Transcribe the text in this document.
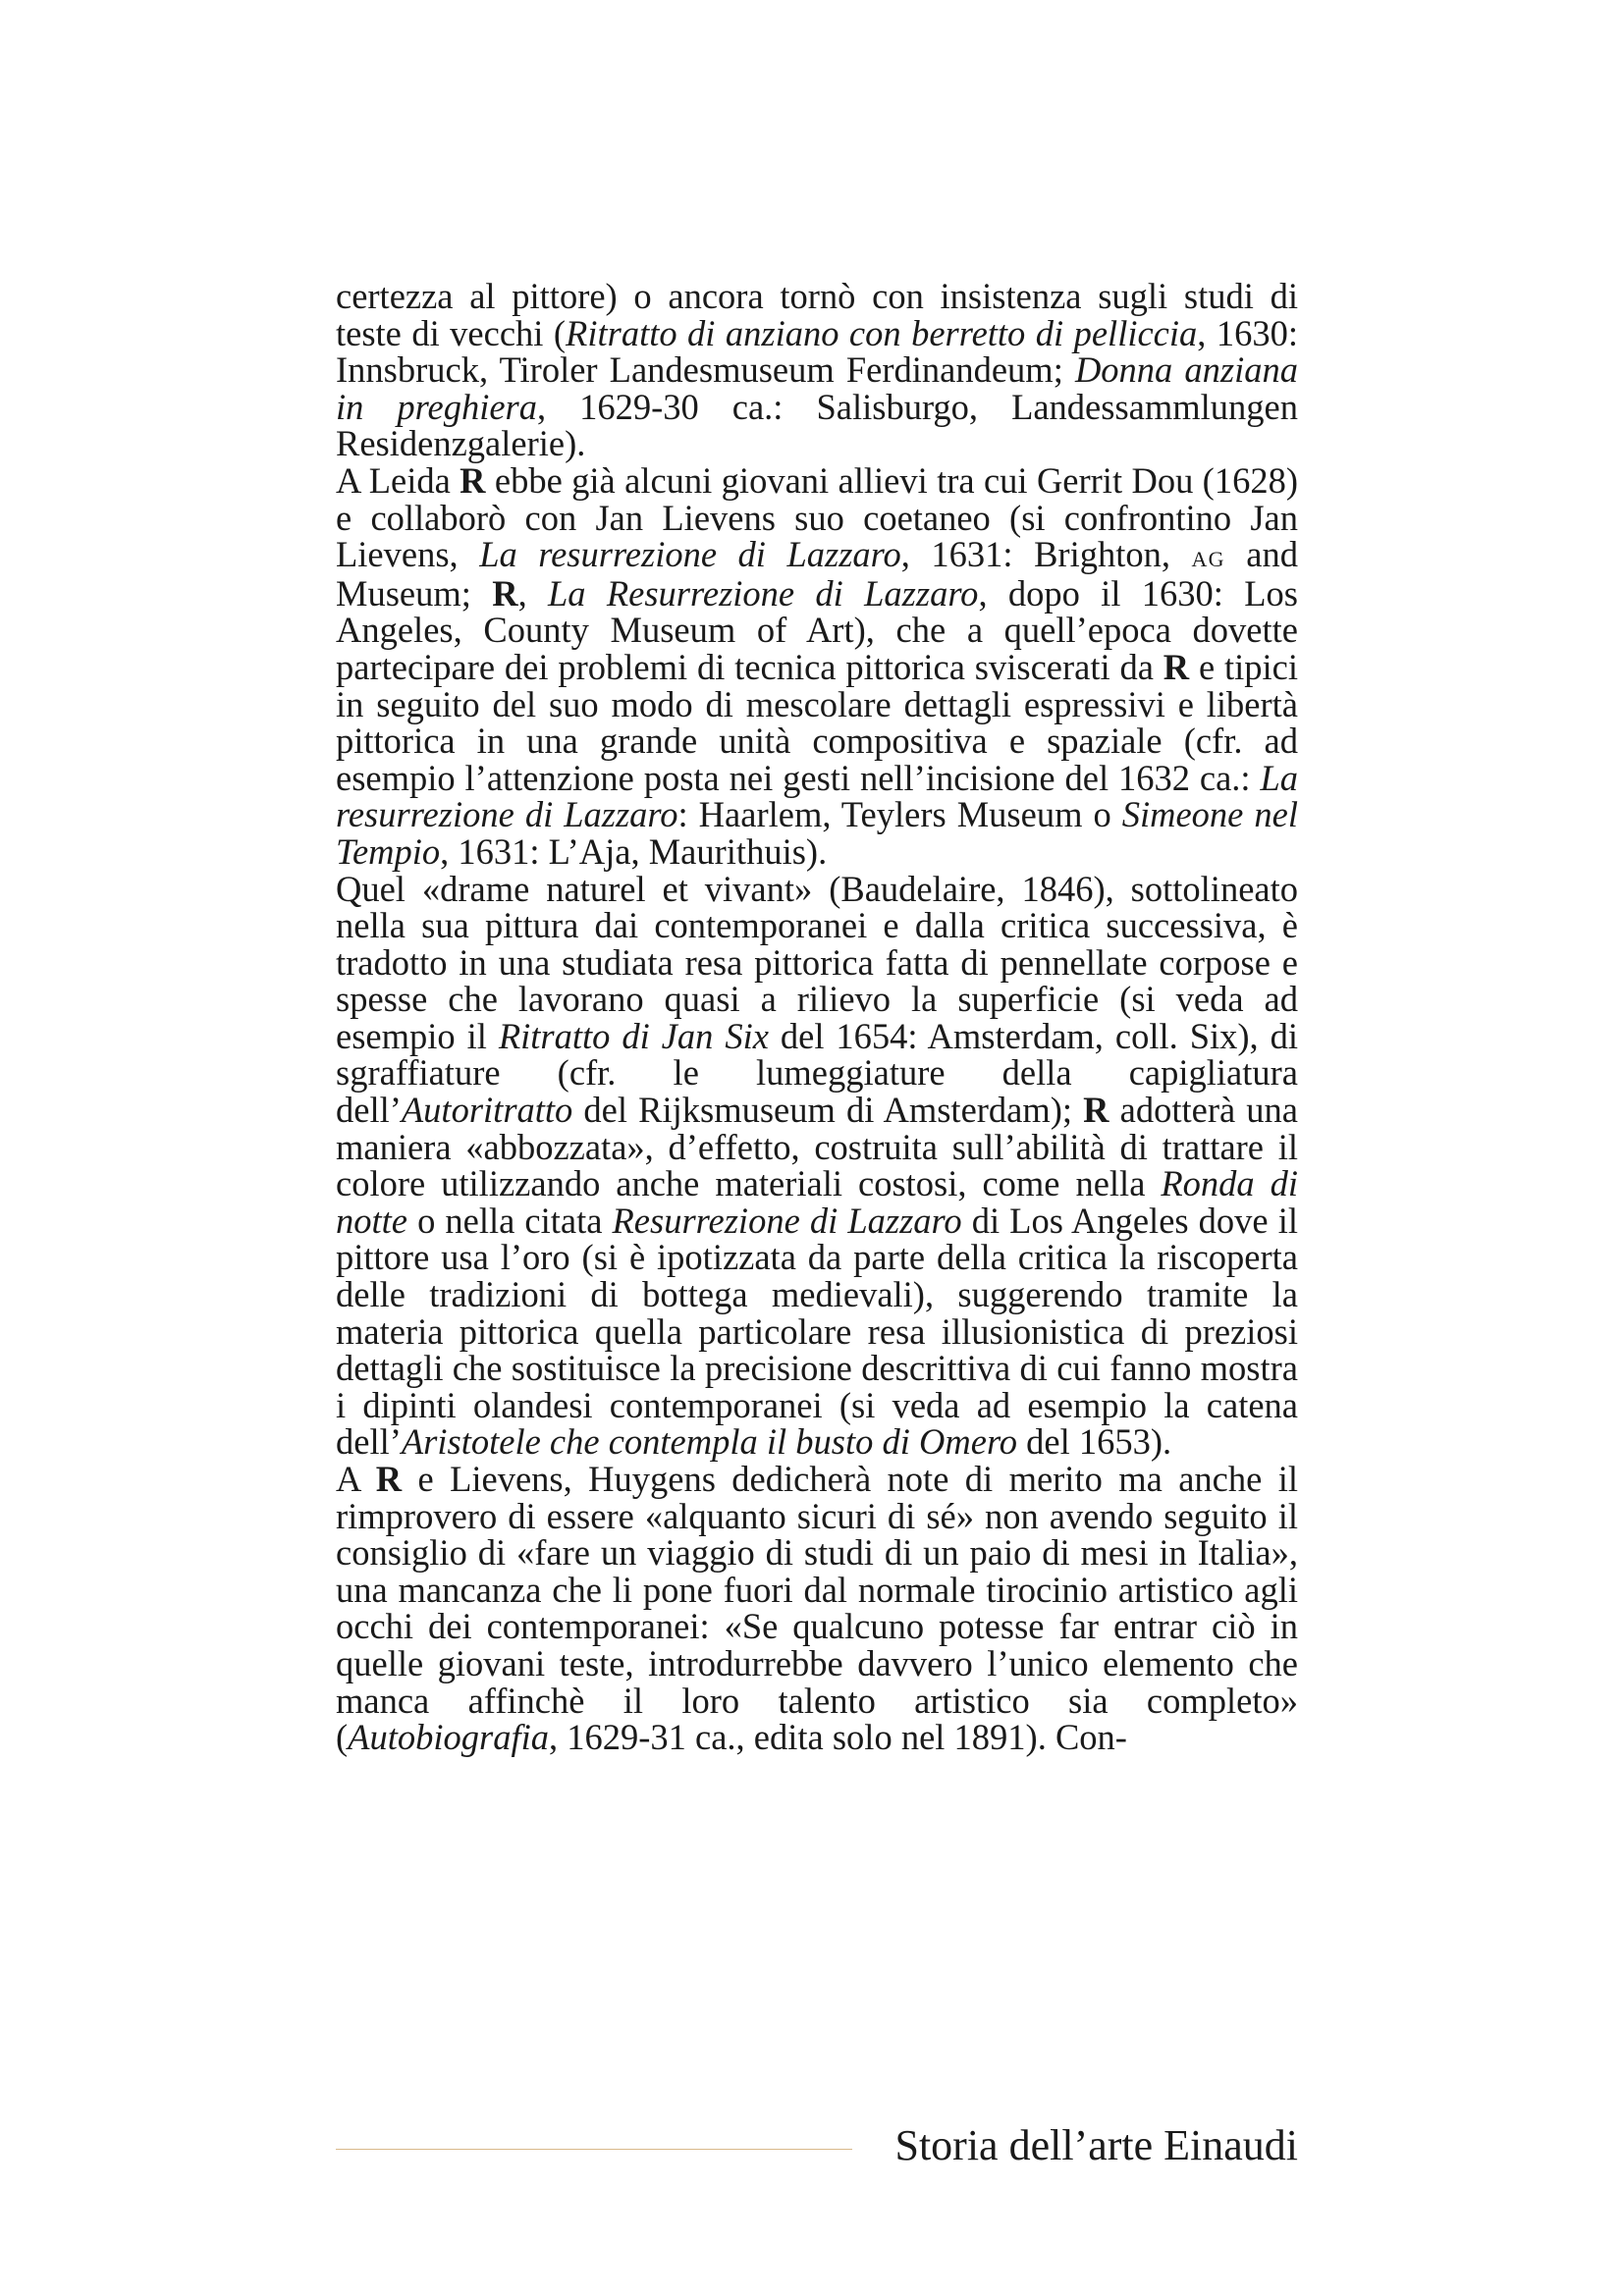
certezza al pittore) o ancora tornò con insistenza sugli studi di teste di vecchi (Ritratto di anziano con berretto di pelliccia, 1630: Innsbruck, Tiroler Landesmuseum Ferdinandeum; Donna anziana in preghiera, 1629-30 ca.: Salisburgo, Landessammlungen Residenzgalerie).

A Leida R ebbe già alcuni giovani allievi tra cui Gerrit Dou (1628) e collaborò con Jan Lievens suo coetaneo (si confrontino Jan Lievens, La resurrezione di Lazzaro, 1631: Brighton, ag and Museum; R, La Resurrezione di Lazzaro, dopo il 1630: Los Angeles, County Museum of Art), che a quell’epoca dovette partecipare dei problemi di tecnica pittorica sviscerati da R e tipici in seguito del suo modo di mescolare dettagli espressivi e libertà pittorica in una grande unità compositiva e spaziale (cfr. ad esempio l’attenzione posta nei gesti nell’incisione del 1632 ca.: La resurrezione di Lazzaro: Haarlem, Teylers Museum o Simeone nel Tempio, 1631: L’Aja, Maurithuis).

Quel «drame naturel et vivant» (Baudelaire, 1846), sottolineato nella sua pittura dai contemporanei e dalla critica successiva, è tradotto in una studiata resa pittorica fatta di pennellate corpose e spesse che lavorano quasi a rilievo la superficie (si veda ad esempio il Ritratto di Jan Six del 1654: Amsterdam, coll. Six), di sgraffiature (cfr. le lumeggiature della capigliatura dell’Autoritratto del Rijksmuseum di Amsterdam); R adotterà una maniera «abbozzata», d’effetto, costruita sull’abilità di trattare il colore utilizzando anche materiali costosi, come nella Ronda di notte o nella citata Resurrezione di Lazzaro di Los Angeles dove il pittore usa l’oro (si è ipotizzata da parte della critica la riscoperta delle tradizioni di bottega medievali), suggerendo tramite la materia pittorica quella particolare resa illusionistica di preziosi dettagli che sostituisce la precisione descrittiva di cui fanno mostra i dipinti olandesi contemporanei (si veda ad esempio la catena dell’Aristotele che contempla il busto di Omero del 1653).

A R e Lievens, Huygens dedicherà note di merito ma anche il rimprovero di essere «alquanto sicuri di sé» non avendo seguito il consiglio di «fare un viaggio di studi di un paio di mesi in Italia», una mancanza che li pone fuori dal normale tirocinio artistico agli occhi dei contemporanei: «Se qualcuno potesse far entrar ciò in quelle giovani teste, introdurrebbe davvero l’unico elemento che manca affinchè il loro talento artistico sia completo» (Autobiografia, 1629-31 ca., edita solo nel 1891). Con-

Storia dell’arte Einaudi
